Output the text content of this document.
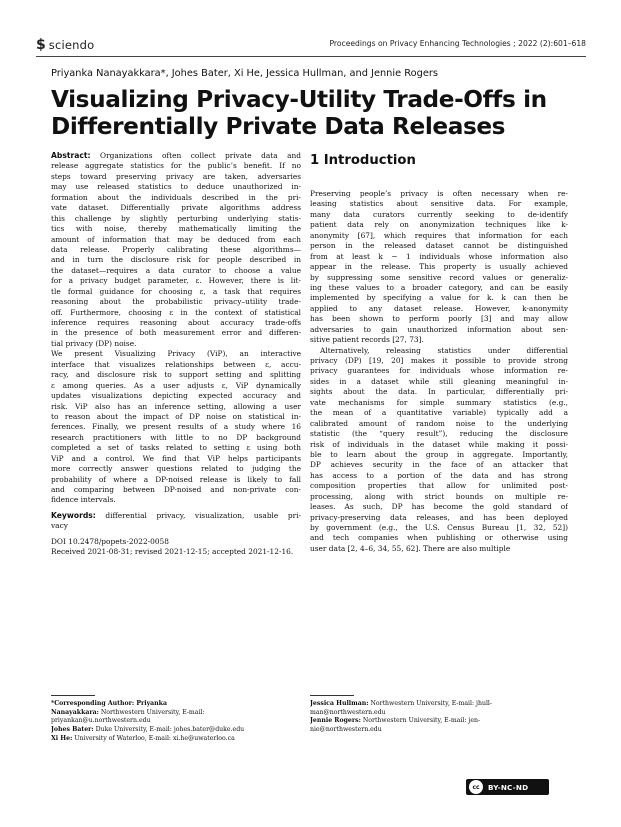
$ sciendo	Proceedings on Privacy Enhancing Technologies ; 2022 (2):601–618
Priyanka Nanayakkara*, Johes Bater, Xi He, Jessica Hullman, and Jennie Rogers
Visualizing Privacy-Utility Trade-Offs in
Differentially Private Data Releases
Abstract: Organizations often collect private data and
release aggregate statistics for the public’s benefit. If no
steps toward preserving privacy are taken, adversaries
may use released statistics to deduce unauthorized in-
formation about the individuals described in the pri-
vate dataset. Differentially private algorithms address
this challenge by slightly perturbing underlying statis-
tics with noise, thereby mathematically limiting the
amount of information that may be deduced from each
data release. Properly calibrating these algorithms—
and in turn the disclosure risk for people described in
the dataset—requires a data curator to choose a value
for a privacy budget parameter, ε. However, there is lit-
tle formal guidance for choosing ε, a task that requires
reasoning about the probabilistic privacy–utility trade-
off. Furthermore, choosing ε in the context of statistical
inference requires reasoning about accuracy trade-offs
in the presence of both measurement error and differen-
tial privacy (DP) noise.
We present Visualizing Privacy (ViP), an interactive
interface that visualizes relationships between ε, accu-
racy, and disclosure risk to support setting and splitting
ε among queries. As a user adjusts ε, ViP dynamically
updates visualizations depicting expected accuracy and
risk. ViP also has an inference setting, allowing a user
to reason about the impact of DP noise on statistical in-
ferences. Finally, we present results of a study where 16
research practitioners with little to no DP background
completed a set of tasks related to setting ε using both
ViP and a control. We find that ViP helps participants
more correctly answer questions related to judging the
probability of where a DP-noised release is likely to fall
and comparing between DP-noised and non-private con-
fidence intervals.
Keywords: differential privacy, visualization, usable pri-
vacy
DOI 10.2478/popets-2022-0058
Received 2021-08-31; revised 2021-12-15; accepted 2021-12-16.
1 Introduction
Preserving people’s privacy is often necessary when re-
leasing statistics about sensitive data. For example,
many data curators currently seeking to de-identify
patient data rely on anonymization techniques like k-
anonymity [67], which requires that information for each
person in the released dataset cannot be distinguished
from at least k − 1 individuals whose information also
appear in the release. This property is usually achieved
by suppressing some sensitive record values or generaliz-
ing these values to a broader category, and can be easily
implemented by specifying a value for k. k can then be
applied to any dataset release. However, k-anonymity
has been shown to perform poorly [3] and may allow
adversaries to gain unauthorized information about sen-
sitive patient records [27, 73].
Alternatively, releasing statistics under differential
privacy (DP) [19, 20] makes it possible to provide strong
privacy guarantees for individuals whose information re-
sides in a dataset while still gleaning meaningful in-
sights about the data. In particular, differentially pri-
vate mechanisms for simple summary statistics (e.g.,
the mean of a quantitative variable) typically add a
calibrated amount of random noise to the underlying
statistic (the “query result”), reducing the disclosure
risk of individuals in the dataset while making it possi-
ble to learn about the group in aggregate. Importantly,
DP achieves security in the face of an attacker that
has access to a portion of the data and has strong
composition properties that allow for unlimited post-
processing, along with strict bounds on multiple re-
leases. As such, DP has become the gold standard of
privacy-preserving data releases, and has been deployed
by government (e.g., the U.S. Census Bureau [1, 32, 52])
and tech companies when publishing or otherwise using
user data [2, 4–6, 34, 55, 62]. There are also multiple
*Corresponding Author: Priyanka
Nanayakkara: Northwestern University, E-mail:
priyankan@u.northwestern.edu
Johes Bater: Duke University, E-mail: johes.bater@duke.edu
Xi He: University of Waterloo, E-mail: xi.he@uwaterloo.ca
Jessica Hullman: Northwestern University, E-mail: jhull-
man@northwestern.edu
Jennie Rogers: Northwestern University, E-mail: jen-
nie@northwestern.edu
cc	BY-NC-ND
